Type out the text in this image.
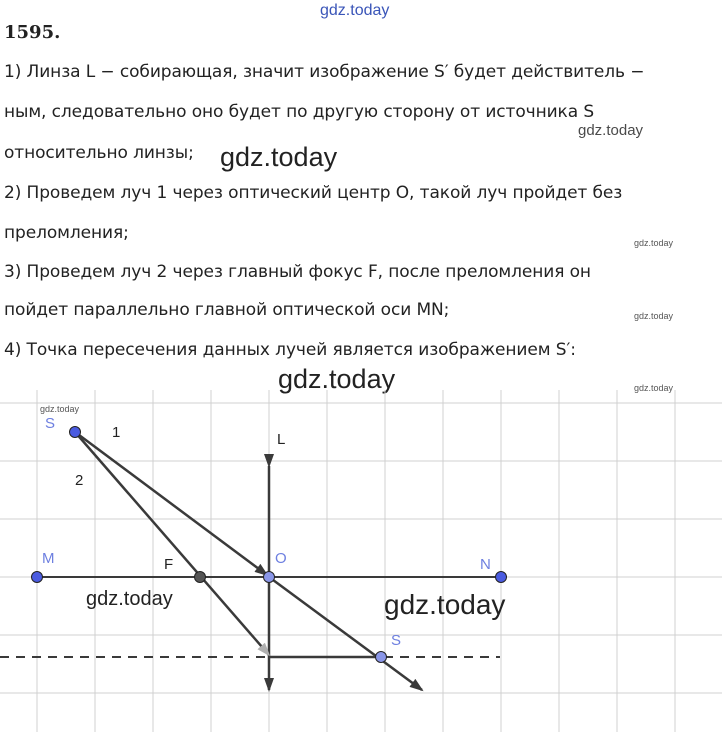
gdz.today
1595.
1) Линза L − собирающая, значит изображение S′ будет действитель −
ным, следовательно оно будет по другую сторону от источника S
gdz.today
относительно линзы; gdz.today
2) Проведем луч 1 через оптический центр O, такой луч пройдет без
преломления;	gdz.today
3) Проведем луч 2 через главный фокус F, после преломления он
пойдет параллельно главной оптической оси MN;	gdz.today
4) Точка пересечения данных лучей является изображением S′:
gdz.today	gdz.today
S
1
2
L
M	F	O	N
S
gdz.today
gdz.today	gdz.today
